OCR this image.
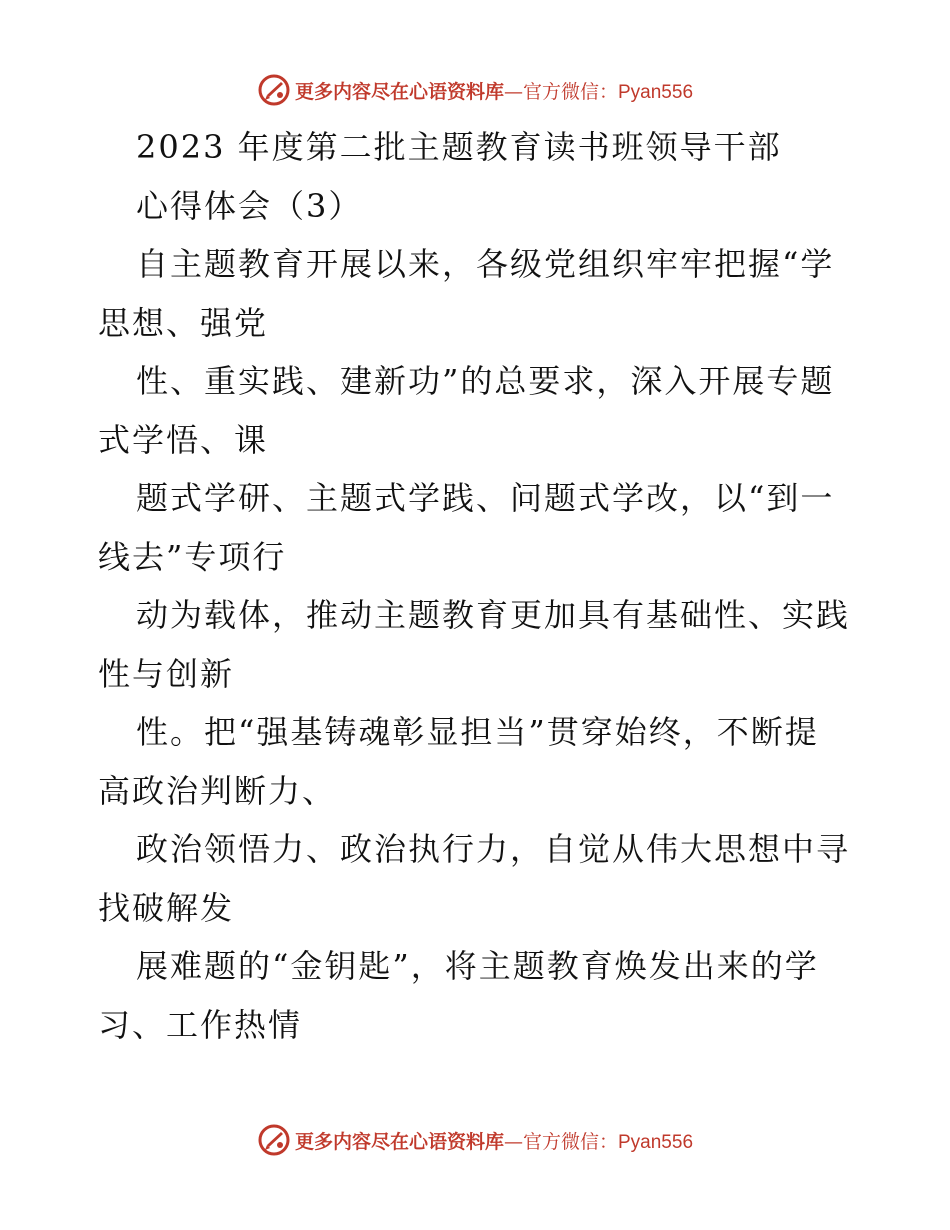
更多内容尽在心语资料库—官方微信：Pyan556
2023 年度第二批主题教育读书班领导干部
心得体会（3）
自主题教育开展以来，各级党组织牢牢把握“学
思想、强党
性、重实践、建新功”的总要求，深入开展专题
式学悟、课
题式学研、主题式学践、问题式学改，以“到一
线去”专项行
动为载体，推动主题教育更加具有基础性、实践
性与创新
性。把“强基铸魂彰显担当”贯穿始终，不断提
高政治判断力、
政治领悟力、政治执行力，自觉从伟大思想中寻
找破解发
展难题的“金钥匙”，将主题教育焕发出来的学
习、工作热情
更多内容尽在心语资料库—官方微信：Pyan556
